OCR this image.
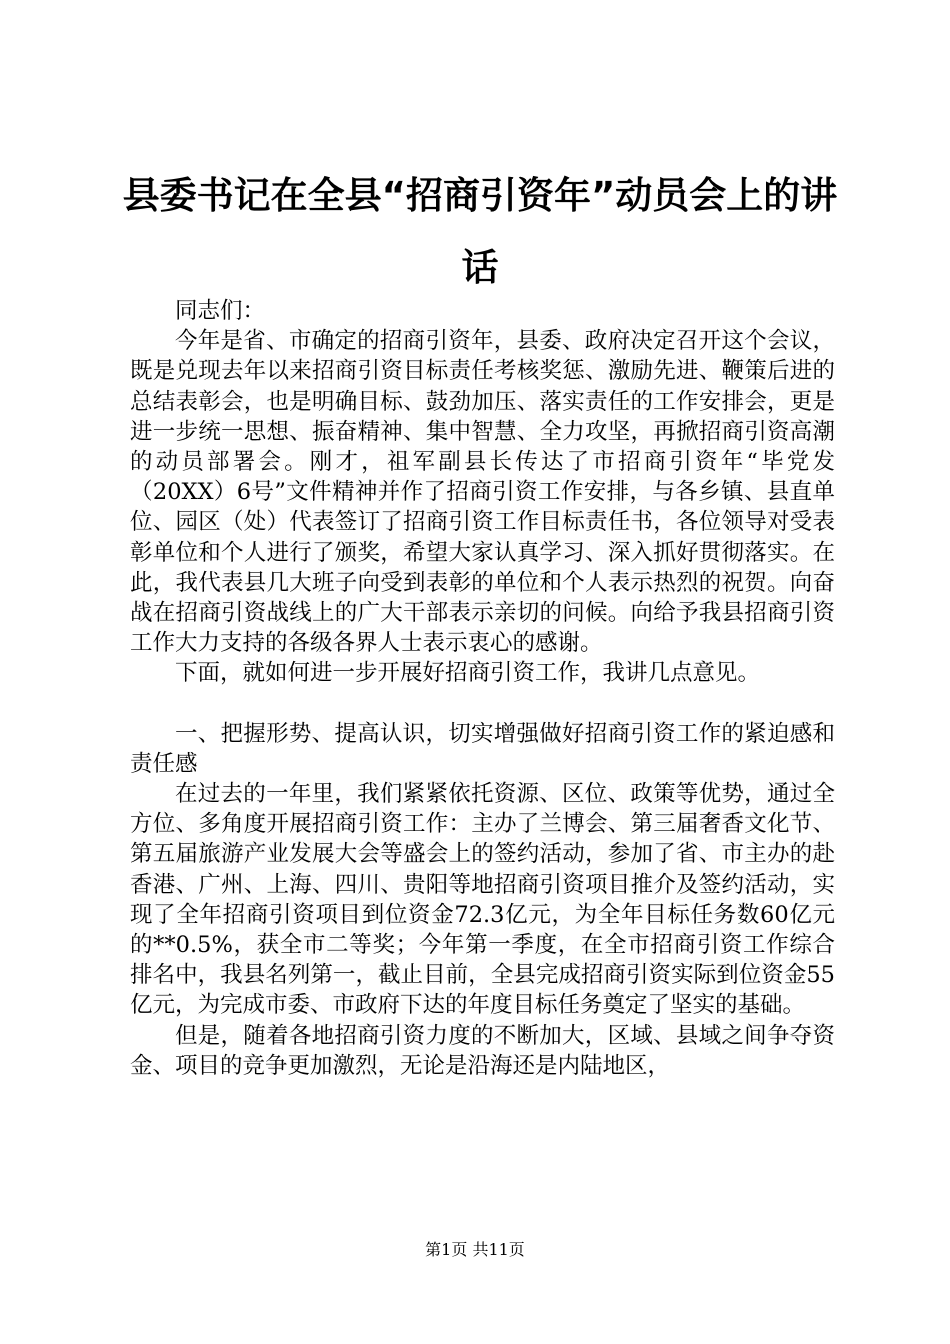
县委书记在全县“招商引资年”动员会上的讲话

同志们：

今年是省、市确定的招商引资年，县委、政府决定召开这个会议，既是兑现去年以来招商引资目标责任考核奖惩、激励先进、鞭策后进的总结表彰会，也是明确目标、鼓劲加压、落实责任的工作安排会，更是进一步统一思想、振奋精神、集中智慧、全力攻坚，再掀招商引资高潮的动员部署会。刚才，祖军副县长传达了市招商引资年“毕党发（20XX）6号”文件精神并作了招商引资工作安排，与各乡镇、县直单位、园区（处）代表签订了招商引资工作目标责任书，各位领导对受表彰单位和个人进行了颁奖，希望大家认真学习、深入抓好贯彻落实。在此，我代表县几大班子向受到表彰的单位和个人表示热烈的祝贺。向奋战在招商引资战线上的广大干部表示亲切的问候。向给予我县招商引资工作大力支持的各级各界人士表示衷心的感谢。

下面，就如何进一步开展好招商引资工作，我讲几点意见。

一、把握形势、提高认识，切实增强做好招商引资工作的紧迫感和责任感

在过去的一年里，我们紧紧依托资源、区位、政策等优势，通过全方位、多角度开展招商引资工作：主办了兰博会、第三届奢香文化节、第五届旅游产业发展大会等盛会上的签约活动，参加了省、市主办的赴香港、广州、上海、四川、贵阳等地招商引资项目推介及签约活动，实现了全年招商引资项目到位资金72.3亿元，为全年目标任务数60亿元的**0.5%，获全市二等奖；今年第一季度，在全市招商引资工作综合排名中，我县名列第一，截止目前，全县完成招商引资实际到位资金55亿元，为完成市委、市政府下达的年度目标任务奠定了坚实的基础。

但是，随着各地招商引资力度的不断加大，区域、县域之间争夺资金、项目的竞争更加激烈，无论是沿海还是内陆地区，

第1页 共11页
